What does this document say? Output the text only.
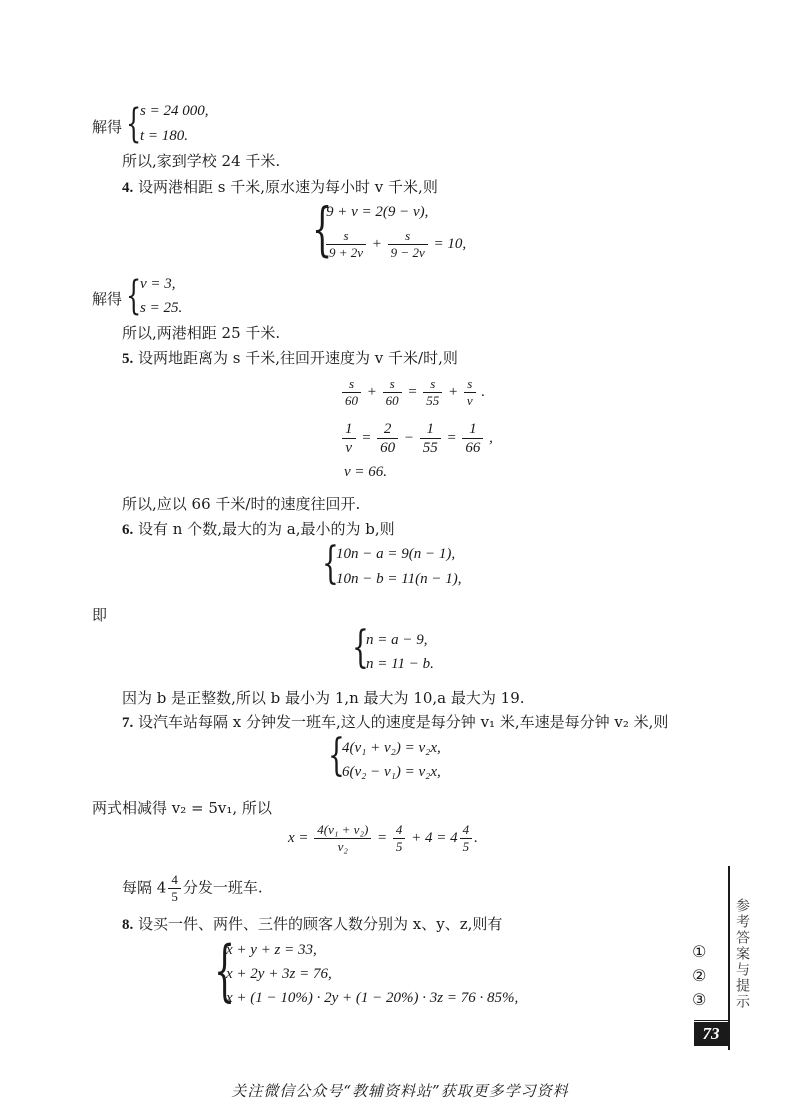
解得 {
s = 24 000,
t = 180.
所以,家到学校 24 千米.
4. 设两港相距 s 千米,原水速为每小时 v 千米,则
{
9 + v = 2(9 − v),
$\frac{s}{9 + 2v} + \frac{s}{9 - 2v} = 10$,
解得 {
v = 3,
s = 25.
所以,两港相距 25 千米.
5. 设两地距离为 s 千米,往回开速度为 v 千米/时,则
$\frac{s}{60} + \frac{s}{60} = \frac{s}{55} + \frac{s}{v}$ .
$\frac{1}{v} = \frac{2}{60} - \frac{1}{55} = \frac{1}{66}$ ,
v = 66.
所以,应以 66 千米/时的速度往回开.
6. 设有 n 个数,最大的为 a,最小的为 b,则
{
10n − a = 9(n − 1),
10n − b = 11(n − 1),
即
{
n = a − 9,
n = 11 − b.
因为 b 是正整数,所以 b 最小为 1,n 最大为 10,a 最大为 19.
7. 设汽车站每隔 x 分钟发一班车,这人的速度是每分钟 v₁ 米,车速是每分钟 v₂ 米,则
{
4(v₁ + v₂) = v₂x,
6(v₂ − v₁) = v₂x,
两式相减得 v₂ = 5v₁, 所以
$x = \frac{\text{4(v₁ + v₂)}}{\text{v₂}} = \frac{4}{5} + 4 = 4 \frac{4}{5}$ .
每隔 $4 \frac{4}{5}$ 分发一班车.
8. 设买一件、两件、三件的顾客人数分别为 x、y、z,则有
{
x + y + z = 33,
x + 2y + 3z = 76,
x + (1 − 10%) · 2y + (1 − 20%) · 3z = 76 · 85%,
①
②
③	参考答案与提示
73
关注微信公众号“教辅资料站”获取更多学习资料
